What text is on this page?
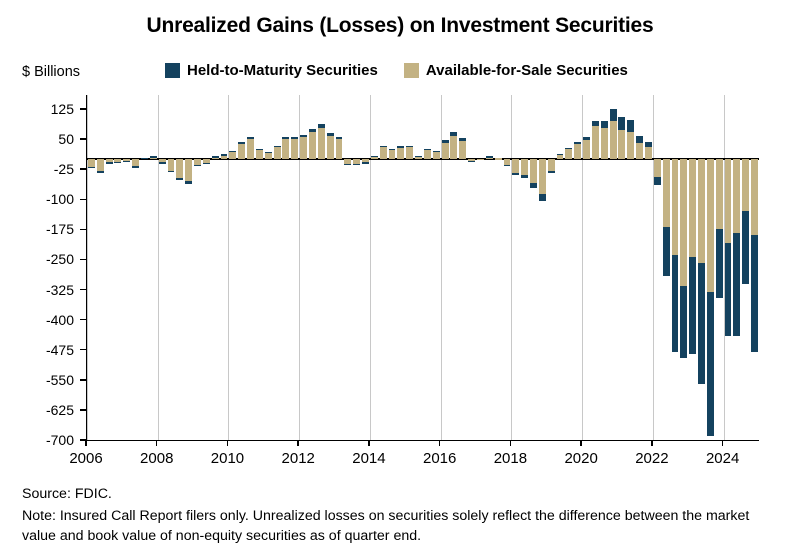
Unrealized Gains (Losses) on Investment Securities
$ Billions	Held-to-Maturity Securities	Available-for-Sale Securities
125
50
-25
-100
-175
-250
-325
-400
-475
-550
-625
-700
2006 2008 2010 2012 2014 2016 2018 2020 2022 2024

Source: FDIC.

Note: Insured Call Report filers only. Unrealized losses on securities solely reflect the difference between the market value and book value of non-equity securities as of quarter end.
